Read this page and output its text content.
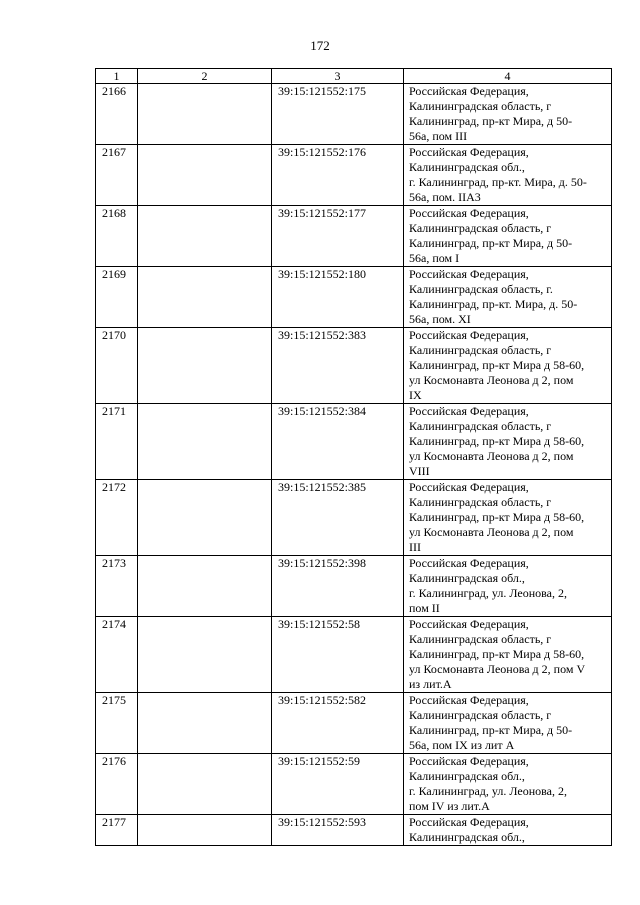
172
1	2	3	4
2166		39:15:121552:175	Российская Федерация,
Калининградская область, г
Калининград, пр-кт Мира, д 50-
56а, пом III

2167		39:15:121552:176	Российская Федерация,
Калининградская обл.,
г. Калининград, пр-кт. Мира, д. 50-
56а, пом. IIА3

2168		39:15:121552:177	Российская Федерация,
Калининградская область, г
Калининград, пр-кт Мира, д 50-
56а, пом I

2169		39:15:121552:180	Российская Федерация,
Калининградская область, г.
Калининград, пр-кт. Мира, д. 50-
56а, пом. XI

2170		39:15:121552:383	Российская Федерация,
Калининградская область, г
Калининград, пр-кт Мира д 58-60,
ул Космонавта Леонова д 2, пом
IX

2171		39:15:121552:384	Российская Федерация,
Калининградская область, г
Калининград, пр-кт Мира д 58-60,
ул Космонавта Леонова д 2, пом
VIII

2172		39:15:121552:385	Российская Федерация,
Калининградская область, г
Калининград, пр-кт Мира д 58-60,
ул Космонавта Леонова д 2, пом
III

2173		39:15:121552:398	Российская Федерация,
Калининградская обл.,
г. Калининград, ул. Леонова, 2,
пом II

2174		39:15:121552:58	Российская Федерация,
Калининградская область, г
Калининград, пр-кт Мира д 58-60,
ул Космонавта Леонова д 2, пом V
из лит.А

2175		39:15:121552:582	Российская Федерация,
Калининградская область, г
Калининград, пр-кт Мира, д 50-
56а, пом IX из лит А

2176		39:15:121552:59	Российская Федерация,
Калининградская обл.,
г. Калининград, ул. Леонова, 2,
пом IV из лит.А

2177		39:15:121552:593	Российская Федерация,
Калининградская обл.,
